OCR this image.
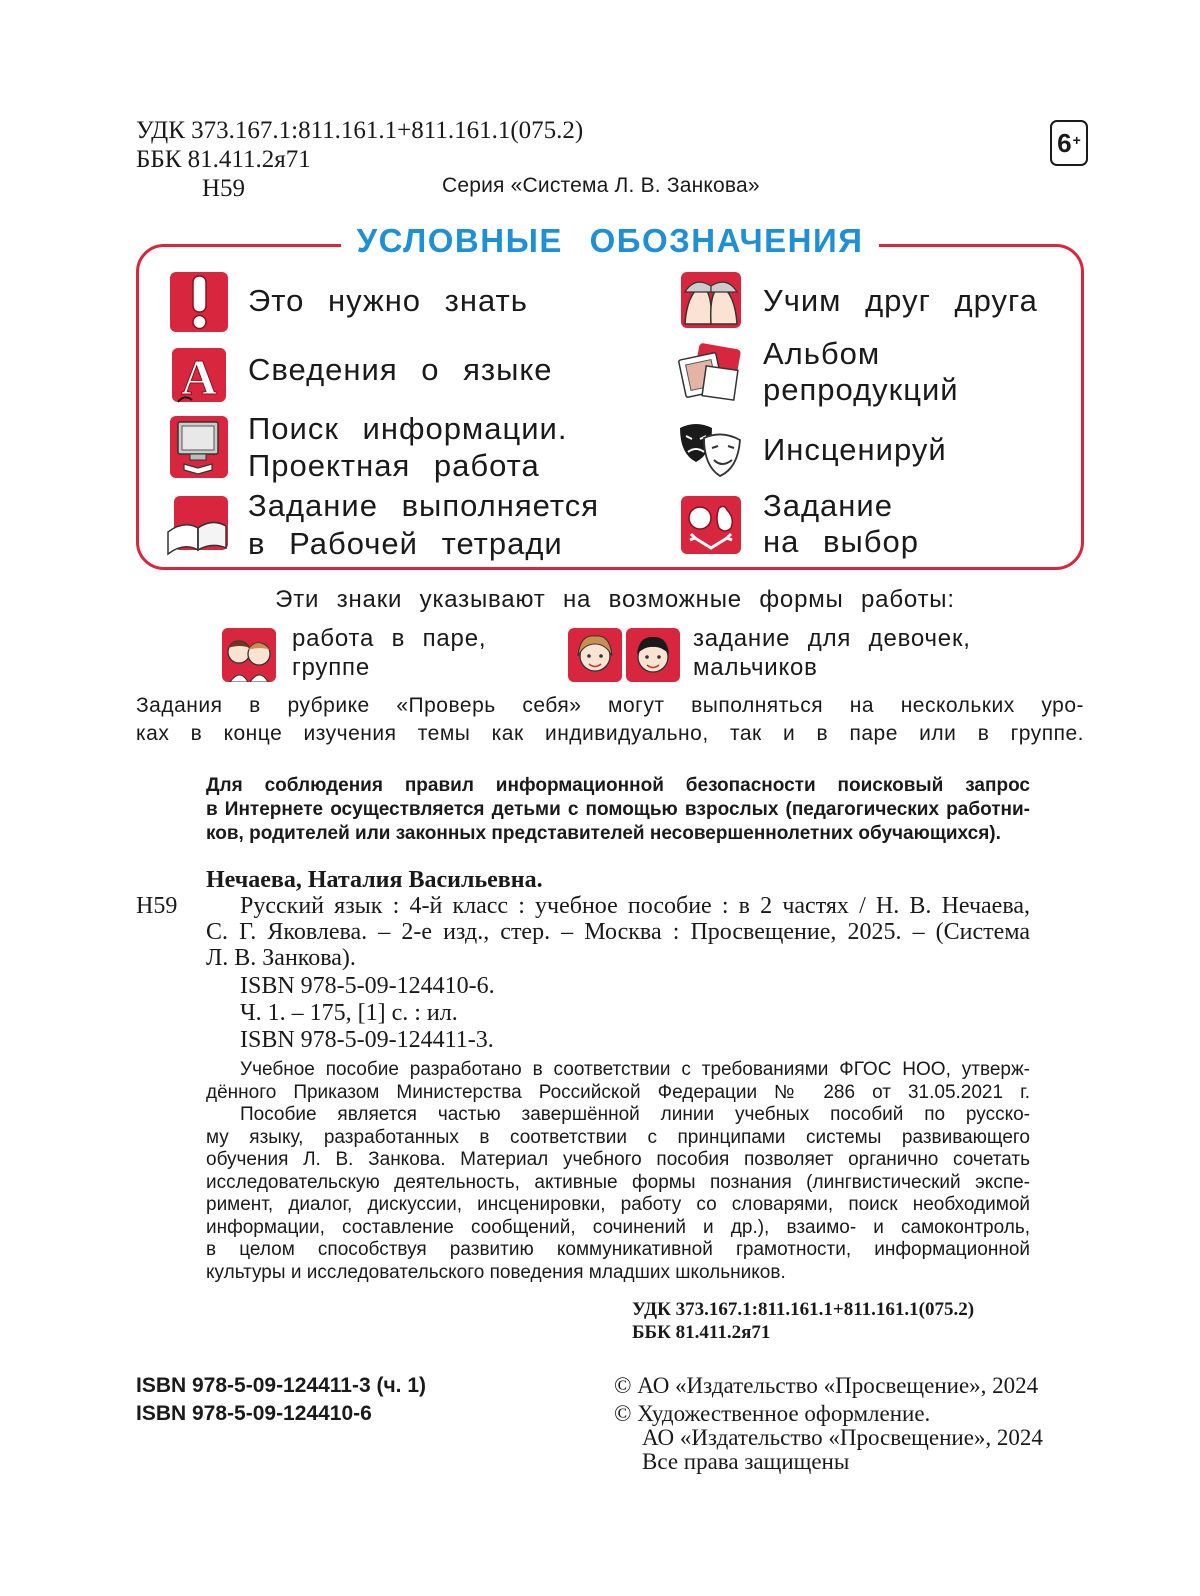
УДК 373.167.1:811.161.1+811.161.1(075.2)
ББК 81.411.2я71
Н59	Серия «Система Л. В. Занкова»
6 +
УСЛОВНЫЕ ОБОЗНАЧЕНИЯ
Это нужно знать
A Сведения о языке
Поиск информации.
Проектная работа
Задание выполняется
в Рабочей тетради
Учим друг друга
Альбом
репродукций
Инсценируй
Задание
на выбор
Эти знаки указывают на возможные формы работы:
работа в паре,
группе
задание для девочек,
мальчиков
Задания в рубрике «Проверь себя» могут выполняться на нескольких уро-
ках в конце изучения темы как индивидуально, так и в паре или в группе.
Для соблюдения правил информационной безопасности поисковый запрос
в Интернете осуществляется детьми с помощью взрослых (педагогических работни-
ков, родителей или законных представителей несовершеннолетних обучающихся).
Нечаева, Наталия Васильевна.
Н59	Русский язык : 4-й класс : учебное пособие : в 2 частях / Н. В. Нечаева,
С. Г. Яковлева. – 2-е изд., стер. – Москва : Просвещение, 2025. – (Система
Л. В. Занкова).
ISBN 978-5-09-124410-6.
Ч. 1. – 175, [1] с. : ил.
ISBN 978-5-09-124411-3.
Учебное пособие разработано в соответствии с требованиями ФГОС НОО, утверж-
дённого Приказом Министерства Российской Федерации № 286 от 31.05.2021 г.
Пособие является частью завершённой линии учебных пособий по русско-
му языку, разработанных в соответствии с принципами системы развивающего
обучения Л. В. Занкова. Материал учебного пособия позволяет органично сочетать
исследовательскую деятельность, активные формы познания (лингвистический экспе-
римент, диалог, дискуссии, инсценировки, работу со словарями, поиск необходимой
информации, составление сообщений, сочинений и др.), взаимо- и самоконтроль,
в целом способствуя развитию коммуникативной грамотности, информационной
культуры и исследовательского поведения младших школьников.
УДК 373.167.1:811.161.1+811.161.1(075.2)
ББК 81.411.2я71
ISBN 978-5-09-124411-3 (ч. 1)
ISBN 978-5-09-124410-6
© АО «Издательство «Просвещение», 2024
© Художественное оформление.
АО «Издательство «Просвещение», 2024
Все права защищены
